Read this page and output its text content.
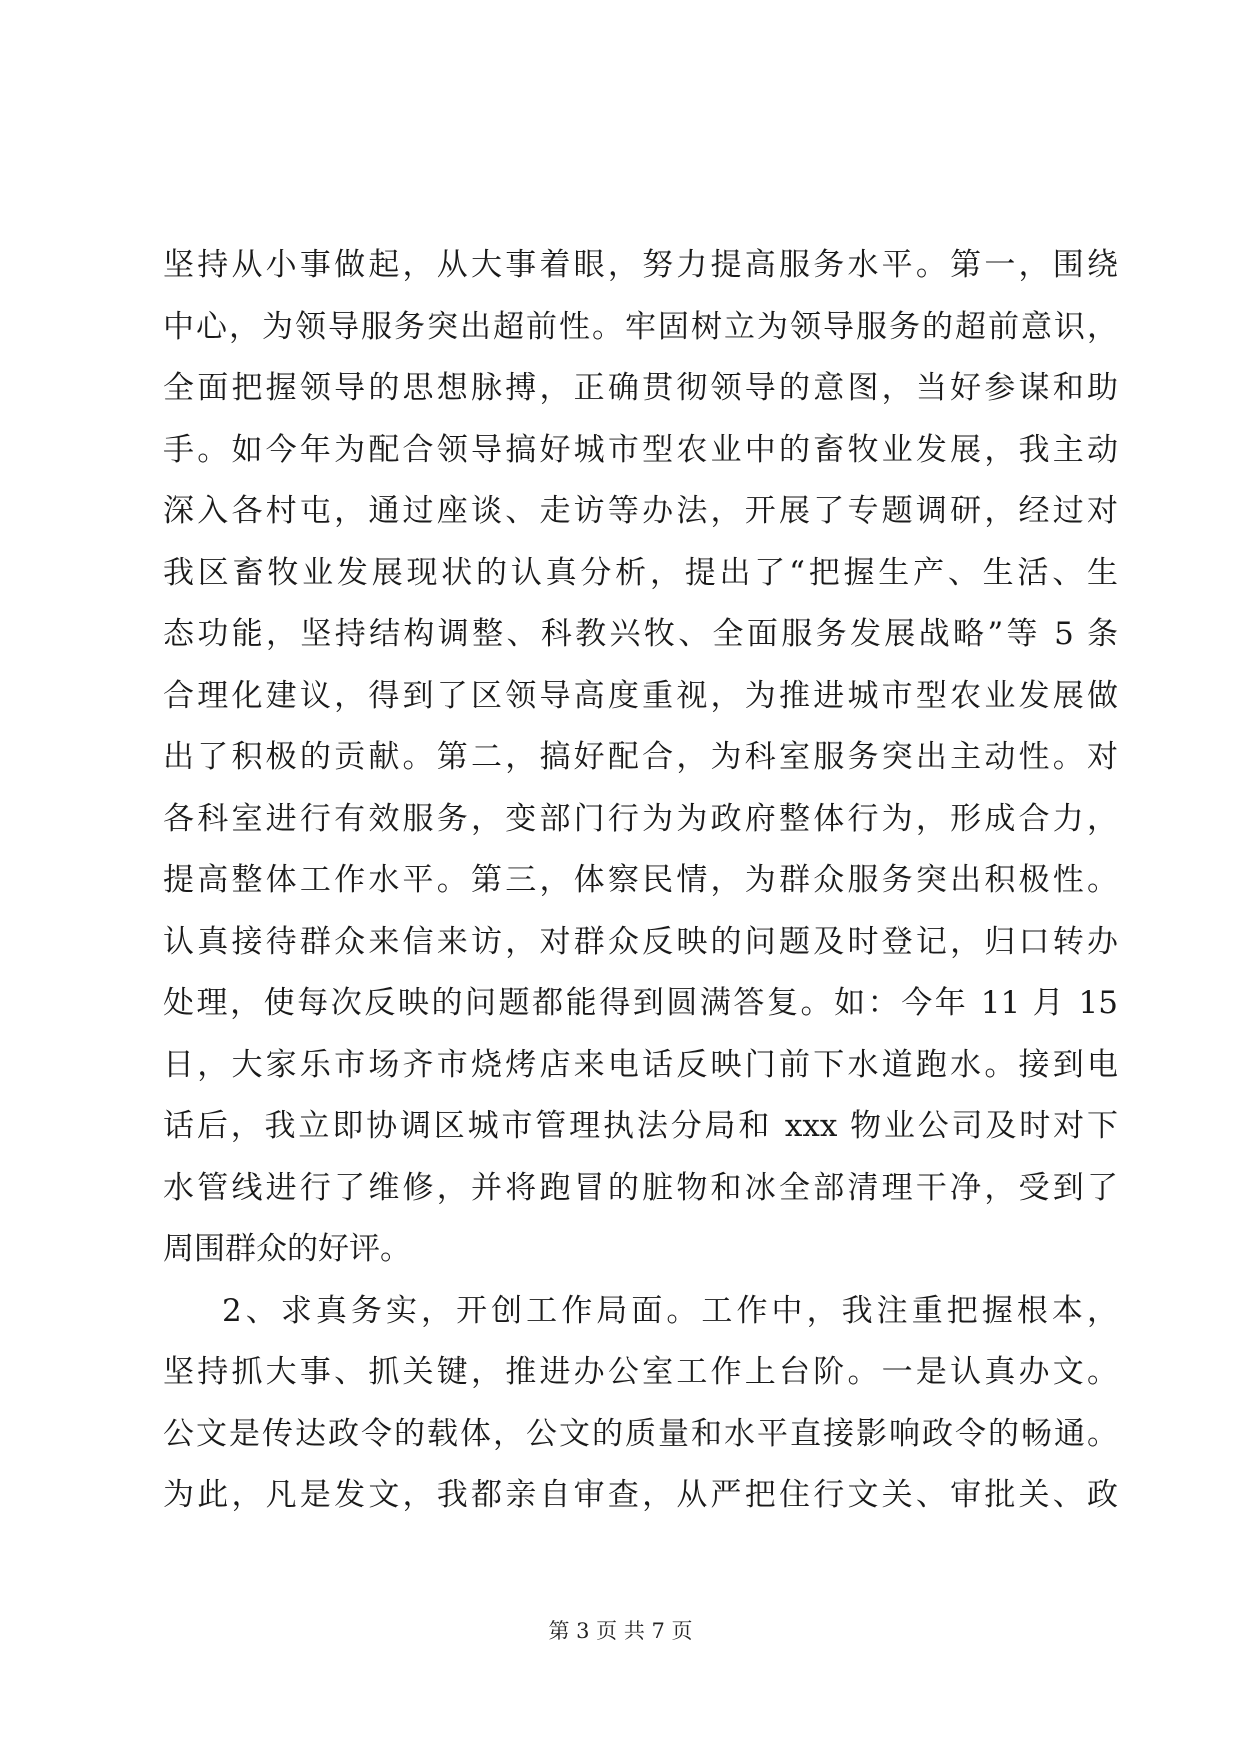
坚持从小事做起，从大事着眼，努力提高服务水平。第一，围绕
中心，为领导服务突出超前性。牢固树立为领导服务的超前意识，
全面把握领导的思想脉搏，正确贯彻领导的意图，当好参谋和助
手。如今年为配合领导搞好城市型农业中的畜牧业发展，我主动
深入各村屯，通过座谈、走访等办法，开展了专题调研，经过对
我区畜牧业发展现状的认真分析，提出了“把握生产、生活、生
态功能，坚持结构调整、科教兴牧、全面服务发展战略”等 5 条
合理化建议，得到了区领导高度重视，为推进城市型农业发展做
出了积极的贡献。第二，搞好配合，为科室服务突出主动性。对
各科室进行有效服务，变部门行为为政府整体行为，形成合力，
提高整体工作水平。第三，体察民情，为群众服务突出积极性。
认真接待群众来信来访，对群众反映的问题及时登记，归口转办
处理，使每次反映的问题都能得到圆满答复。如：今年 11 月 15
日，大家乐市场齐市烧烤店来电话反映门前下水道跑水。接到电
话后，我立即协调区城市管理执法分局和 xxx 物业公司及时对下
水管线进行了维修，并将跑冒的脏物和冰全部清理干净，受到了
周围群众的好评。
2、求真务实，开创工作局面。工作中，我注重把握根本，
坚持抓大事、抓关键，推进办公室工作上台阶。一是认真办文。
公文是传达政令的载体，公文的质量和水平直接影响政令的畅通。
为此，凡是发文，我都亲自审查，从严把住行文关、审批关、政
第 3 页 共 7 页
